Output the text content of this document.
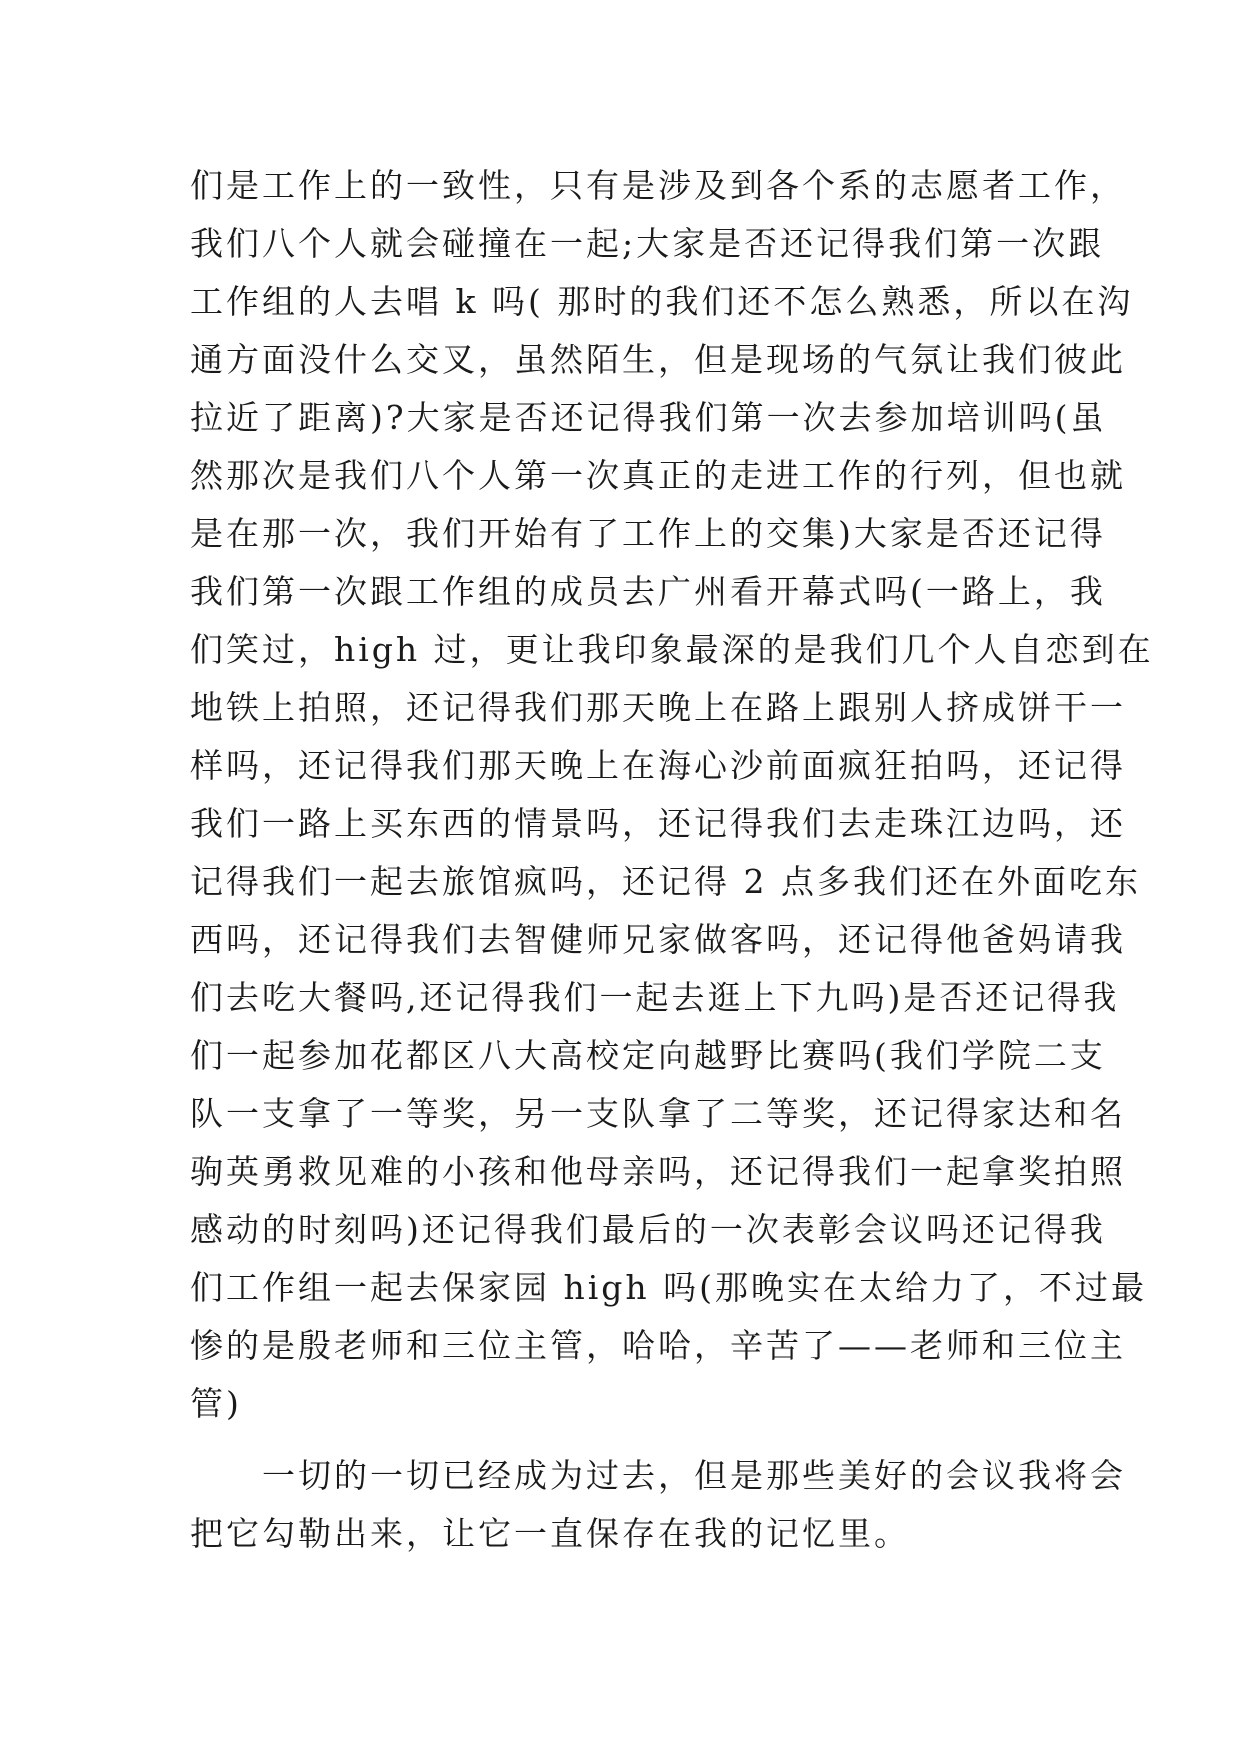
们是工作上的一致性，只有是涉及到各个系的志愿者工作，
我们八个人就会碰撞在一起;大家是否还记得我们第一次跟
工作组的人去唱 k 吗( 那时的我们还不怎么熟悉，所以在沟
通方面没什么交叉，虽然陌生，但是现场的气氛让我们彼此
拉近了距离)?大家是否还记得我们第一次去参加培训吗(虽
然那次是我们八个人第一次真正的走进工作的行列，但也就
是在那一次，我们开始有了工作上的交集)大家是否还记得
我们第一次跟工作组的成员去广州看开幕式吗(一路上，我
们笑过，high 过，更让我印象最深的是我们几个人自恋到在
地铁上拍照，还记得我们那天晚上在路上跟别人挤成饼干一
样吗，还记得我们那天晚上在海心沙前面疯狂拍吗，还记得
我们一路上买东西的情景吗，还记得我们去走珠江边吗，还
记得我们一起去旅馆疯吗，还记得 2 点多我们还在外面吃东
西吗，还记得我们去智健师兄家做客吗，还记得他爸妈请我
们去吃大餐吗,还记得我们一起去逛上下九吗)是否还记得我
们一起参加花都区八大高校定向越野比赛吗(我们学院二支
队一支拿了一等奖，另一支队拿了二等奖，还记得家达和名
驹英勇救见难的小孩和他母亲吗，还记得我们一起拿奖拍照
感动的时刻吗)还记得我们最后的一次表彰会议吗还记得我
们工作组一起去保家园 high 吗(那晚实在太给力了，不过最
惨的是殷老师和三位主管，哈哈，辛苦了——老师和三位主
管)
　　一切的一切已经成为过去，但是那些美好的会议我将会
把它勾勒出来，让它一直保存在我的记忆里。
